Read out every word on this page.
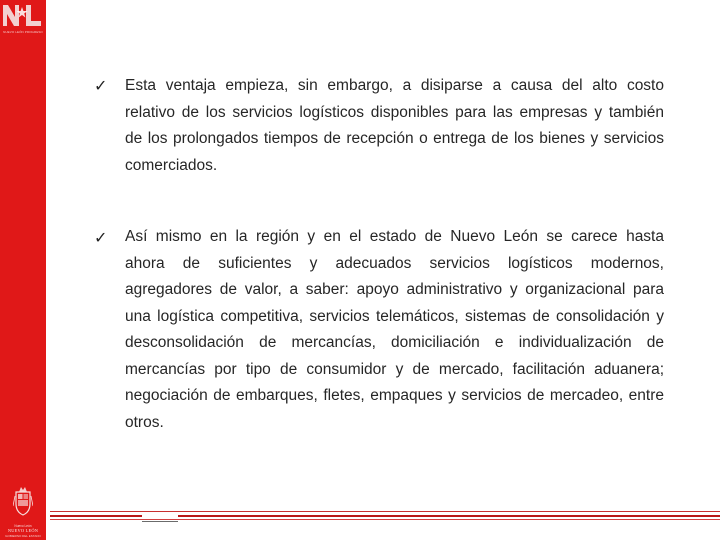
NUEVO LEÓN PROGRESO
Nuevo León
NUEVO LEÓN
GOBIERNO DEL ESTADO
✓ Esta ventaja empieza, sin embargo, a disiparse a causa del alto costo relativo de los servicios logísticos disponibles para las empresas y también de los prolongados tiempos de recepción o entrega de los bienes y servicios comerciados.

✓ Así mismo en la región y en el estado de Nuevo León se carece hasta ahora de suficientes y adecuados servicios logísticos modernos, agregadores de valor, a saber: apoyo administrativo y organizacional para una logística competitiva, servicios telemáticos, sistemas de consolidación y desconsolidación de mercancías, domiciliación e individualización de mercancías por tipo de consumidor y de mercado, facilitación aduanera; negociación de embarques, fletes, empaques y servicios de mercadeo, entre otros.
